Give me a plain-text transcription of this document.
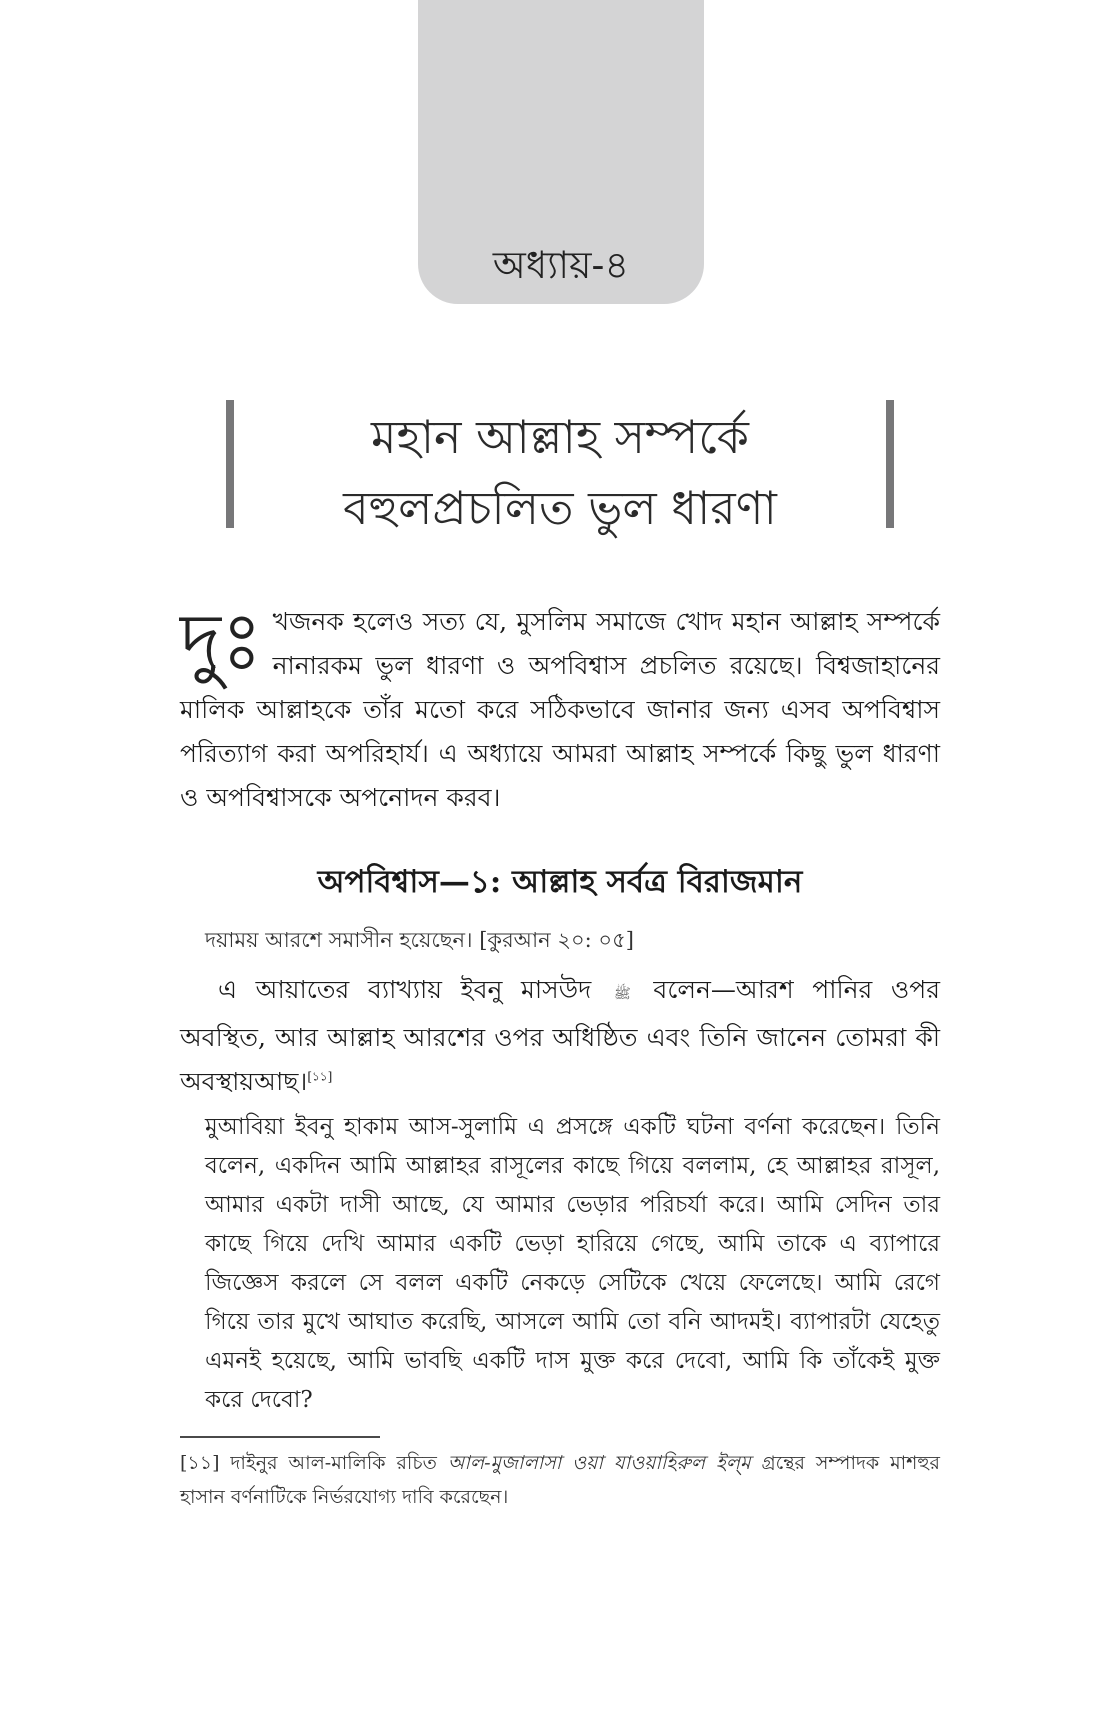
অধ্যায়-৪
মহান আল্লাহ সম্পর্কে
বহুলপ্রচলিত ভুল ধারণা
দুঃ খজনক হলেও সত্য যে, মুসলিম সমাজে খোদ মহান আল্লাহ সম্পর্কে নানারকম ভুল ধারণা ও অপবিশ্বাস প্রচলিত রয়েছে। বিশ্বজাহানের মালিক আল্লাহকে তাঁর মতো করে সঠিকভাবে জানার জন্য এসব অপবিশ্বাস পরিত্যাগ করা অপরিহার্য। এ অধ্যায়ে আমরা আল্লাহ সম্পর্কে কিছু ভুল ধারণা ও অপবিশ্বাসকে অপনোদন করব।
অপবিশ্বাস—১: আল্লাহ সর্বত্র বিরাজমান
দয়াময় আরশে সমাসীন হয়েছেন। [কুরআন ২০: ০৫]
এ আয়াতের ব্যাখ্যায় ইবনু মাসউদ ﷺ বলেন—আরশ পানির ওপর অবস্থিত, আর আল্লাহ আরশের ওপর অধিষ্ঠিত এবং তিনি জানেন তোমরা কী অবস্থায়আছ।[১১]
মুআবিয়া ইবনু হাকাম আস-সুলামি এ প্রসঙ্গে একটি ঘটনা বর্ণনা করেছেন। তিনি বলেন, একদিন আমি আল্লাহর রাসূলের কাছে গিয়ে বললাম, হে আল্লাহর রাসূল, আমার একটা দাসী আছে, যে আমার ভেড়ার পরিচর্যা করে। আমি সেদিন তার কাছে গিয়ে দেখি আমার একটি ভেড়া হারিয়ে গেছে, আমি তাকে এ ব্যাপারে জিজ্ঞেস করলে সে বলল একটি নেকড়ে সেটিকে খেয়ে ফেলেছে। আমি রেগে গিয়ে তার মুখে আঘাত করেছি, আসলে আমি তো বনি আদমই। ব্যাপারটা যেহেতু এমনই হয়েছে, আমি ভাবছি একটি দাস মুক্ত করে দেবো, আমি কি তাঁকেই মুক্ত করে দেবো?
[১১] দাইনুর আল-মালিকি রচিত আল-মুজালাসা ওয়া যাওয়াহিরুল ইল্‌ম গ্রন্থের সম্পাদক মাশহুর হাসান বর্ণনাটিকে নির্ভরযোগ্য দাবি করেছেন।
